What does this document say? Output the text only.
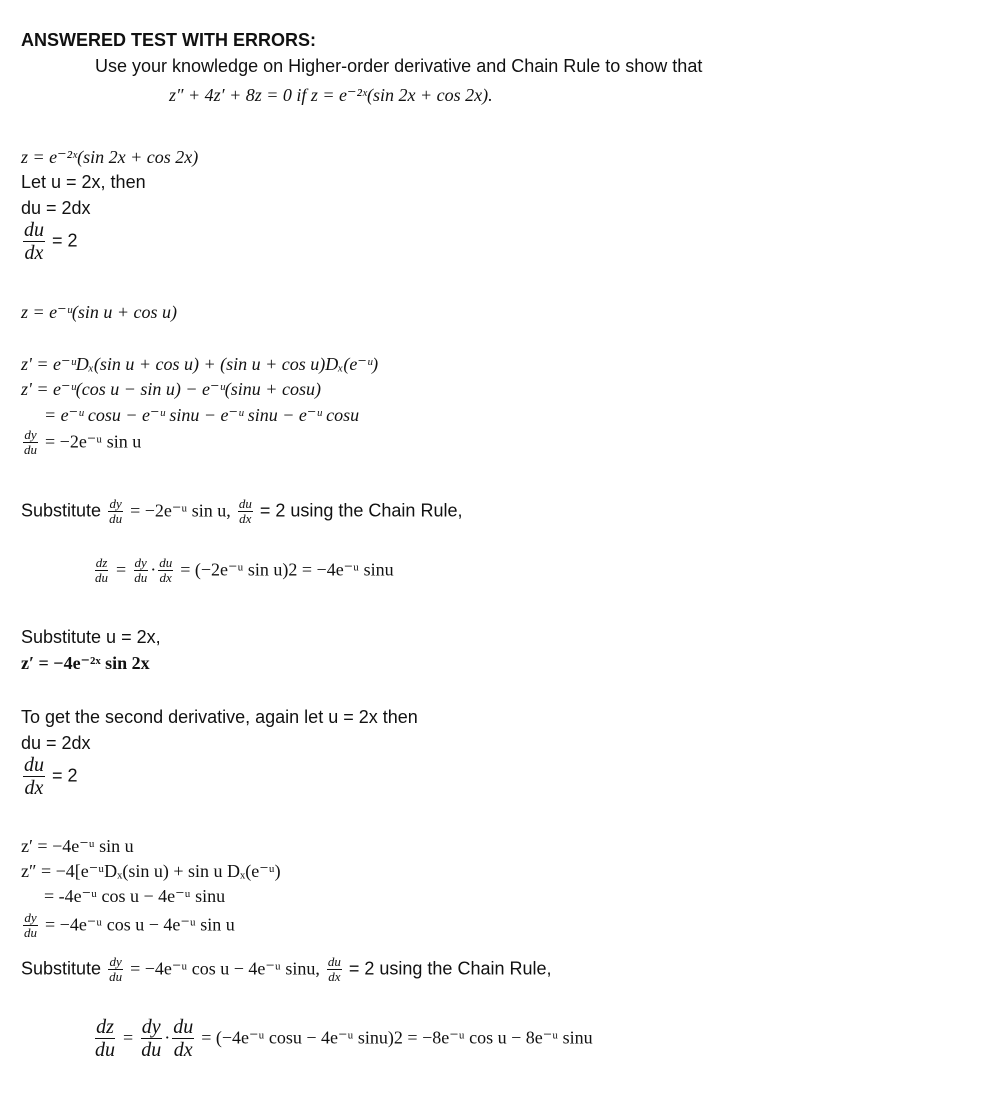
ANSWERED TEST WITH ERRORS:
Use your knowledge on Higher-order derivative and Chain Rule to show that
z″ + 4z′ + 8z = 0 if z = e⁻²ˣ(sin 2x + cos 2x).
z = e⁻²ˣ(sin 2x + cos 2x)
Let u = 2x, then
du = 2dx
$\frac{du}{dx} = 2$
z = e⁻ᵘ(sin u + cos u)
z' = e⁻ᵘDₓ(sin u + cos u) + (sin u + cos u)Dₓ(e⁻ᵘ)
z' = e⁻ᵘ(cos u − sin u) − e⁻ᵘ(sinu + cosu)
= e⁻ᵘ cosu − e⁻ᵘ sinu − e⁻ᵘ sinu − e⁻ᵘ cosu
$\frac{dy}{du}$ = −2e⁻ᵘ sin u
Substitute $\frac{dy}{du}$ = −2e⁻ᵘ sin u, $\frac{du}{dx} = 2$ using the Chain Rule,
$\frac{dz}{du} = \frac{dy}{du} \cdot \frac{du}{dx}$ = (−2e⁻ᵘ sin u)2 = −4e⁻ᵘ sinu
Substitute u = 2x,
z′ = −4e⁻²ˣ sin 2x
To get the second derivative, again let u = 2x then
du = 2dx
$\frac{du}{dx} = 2$
z′ = −4e⁻ᵘ sin u
z″ = −4[e⁻ᵘDₓ(sin u) + sin u Dₓ(e⁻ᵘ)
= -4e⁻ᵘ cos u − 4e⁻ᵘ sinu
$\frac{dy}{du}$ = −4e⁻ᵘ cos u − 4e⁻ᵘ sin u
Substitute $\frac{dy}{du}$ = −4e⁻ᵘ cos u − 4e⁻ᵘ sinu, $\frac{du}{dx} = 2$ using the Chain Rule,
$\frac{dz}{du} = \frac{dy}{du} \cdot \frac{du}{dx}$ = (−4e⁻ᵘ cosu − 4e⁻ᵘ sinu)2 = −8e⁻ᵘ cos u − 8e⁻ᵘ sinu
